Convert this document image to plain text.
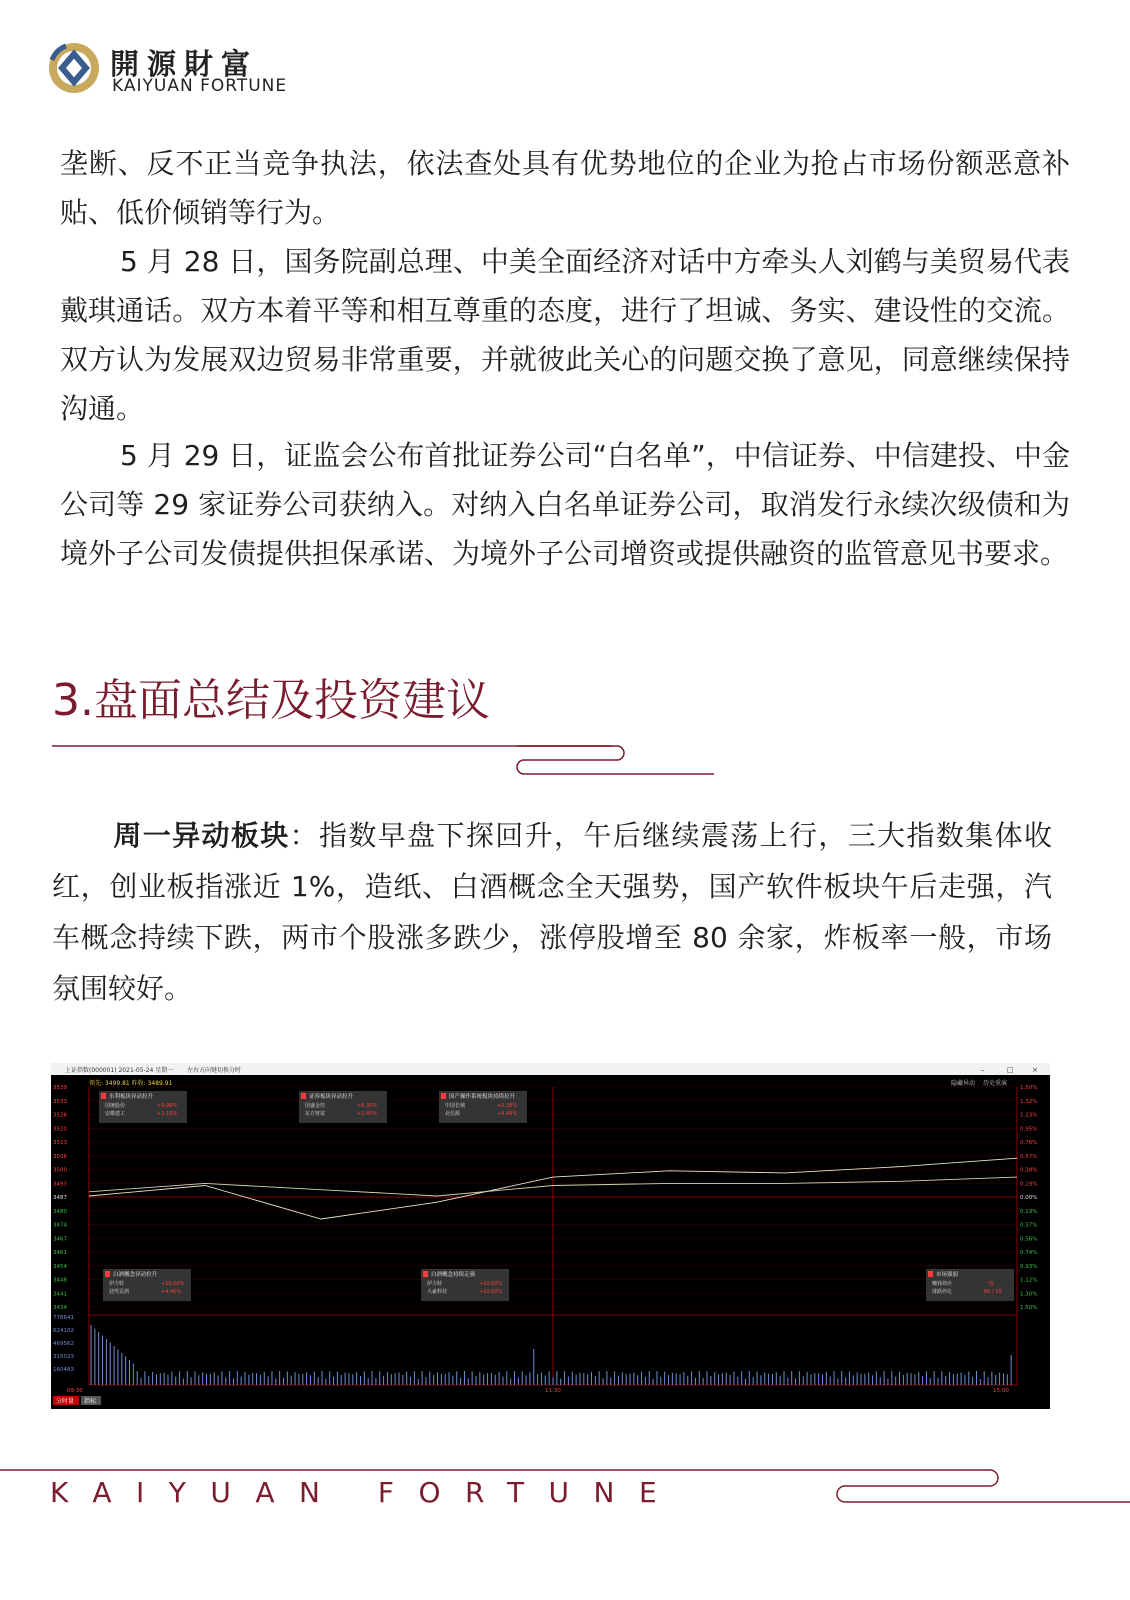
開源財富
KAIYUAN FORTUNE
垄断、反不正当竞争执法，依法查处具有优势地位的企业为抢占市场份额恶意补贴、低价倾销等行为。
5 月 28 日，国务院副总理、中美全面经济对话中方牵头人刘鹤与美贸易代表戴琪通话。双方本着平等和相互尊重的态度，进行了坦诚、务实、建设性的交流。双方认为发展双边贸易非常重要，并就彼此关心的问题交换了意见，同意继续保持沟通。
5 月 29 日，证监会公布首批证券公司“白名单”，中信证券、中信建投、中金公司等 29 家证券公司获纳入。对纳入白名单证券公司，取消发行永续次级债和为境外子公司发债提供担保承诺、为境外子公司增资或提供融资的监管意见书要求。
3.盘面总结及投资建议
周一异动板块：指数早盘下探回升，午后继续震荡上行，三大指数集体收红，创业板指涨近 1%，造纸、白酒概念全天强势，国产软件板块午后走强，汽车概念持续下跌，两市个股涨多跌少，涨停股增至 80 余家，炸板率一般，市场氛围较好。
上证指数(000001) 2021-05-24 星期一 左右方向键切换分时	–	□	×
领先: 3499.81 昨收: 3489.91	隐藏异动 历史重演
3539
3533
3526
3520
3513
3506
3500
3493
3487
3480
3474
3467
3461
3454
3448
3441
3434
1.50%
1.32%
1.13%
0.95%
0.76%
0.57%
0.38%
0.19%
0.00%
0.19%
0.37%
0.56%
0.74%
0.93%
1.12%
1.30%
1.50%
778641
624102
469562
315023
160483
水利板块异动拉升
国统股份	+9.98%
安徽建工	+2.15%
证券板块异动拉升
国盛金控	+6.30%
东方财富	+1.45%
国产操作系统板块持续拉升
中国长城	+5.28%
北信源	+4.49%
白酒概念异动拉升
伊力特	+10.00%
迎驾贡酒	+4.45%
白酒概念持续走强
伊力特	+10.00%
大豪科技	+10.00%
市场强弱
赚钱效应	一般
涨跌停比	80 / 10
09:30	11:30	15:00
分时量 指标
KAIYUAN FORTUNE
